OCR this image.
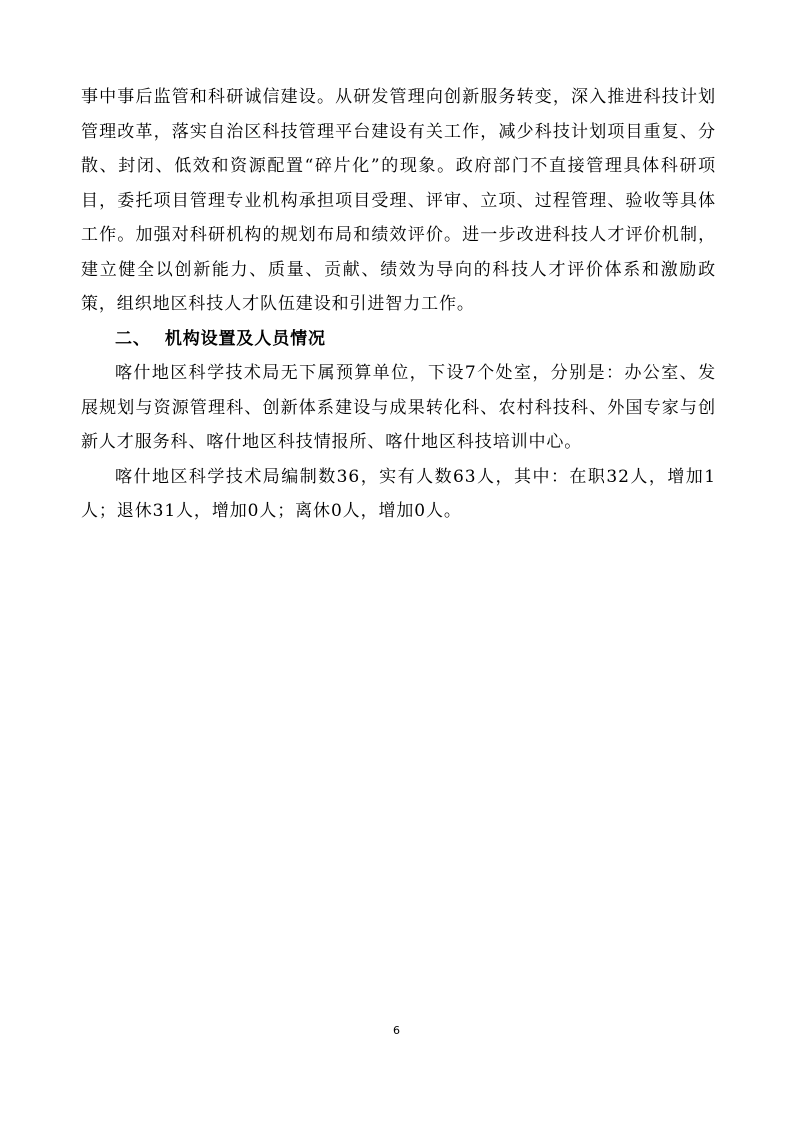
事中事后监管和科研诚信建设。从研发管理向创新服务转变，深入推进科技计划管理改革，落实自治区科技管理平台建设有关工作，减少科技计划项目重复、分散、封闭、低效和资源配置“碎片化”的现象。政府部门不直接管理具体科研项目，委托项目管理专业机构承担项目受理、评审、立项、过程管理、验收等具体工作。加强对科研机构的规划布局和绩效评价。进一步改进科技人才评价机制，建立健全以创新能力、质量、贡献、绩效为导向的科技人才评价体系和激励政策，组织地区科技人才队伍建设和引进智力工作。

二、 机构设置及人员情况

喀什地区科学技术局无下属预算单位，下设7个处室，分别是：办公室、发展规划与资源管理科、创新体系建设与成果转化科、农村科技科、外国专家与创新人才服务科、喀什地区科技情报所、喀什地区科技培训中心。

喀什地区科学技术局编制数36，实有人数63人，其中：在职32人，增加1人；退休31人，增加0人；离休0人，增加0人。

6
